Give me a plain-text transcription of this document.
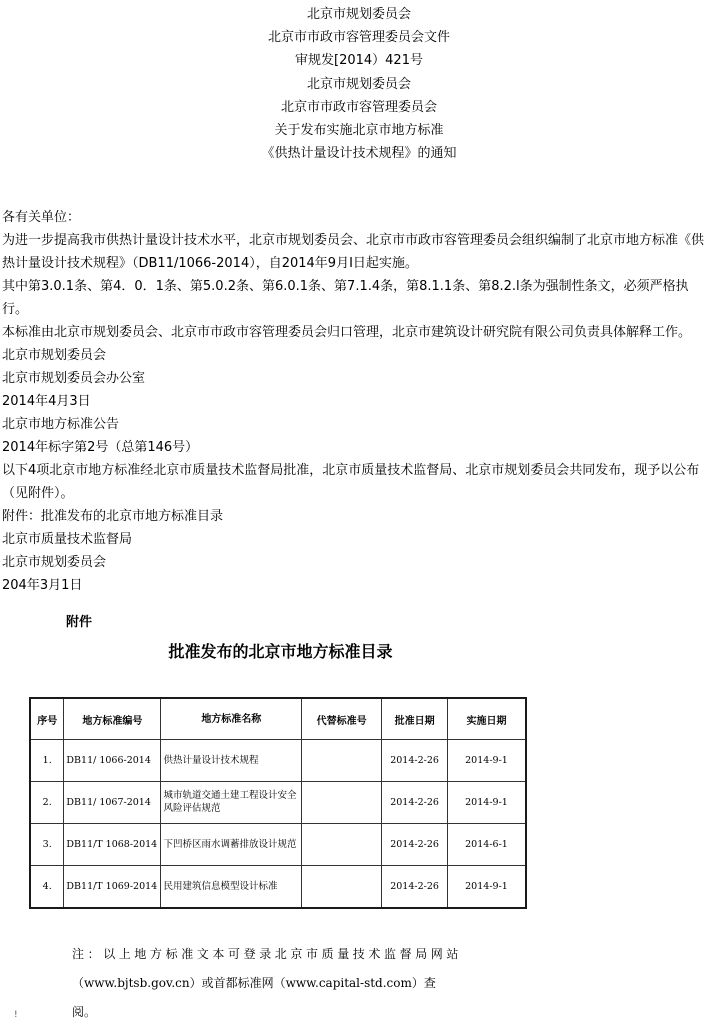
北京市规划委员会
北京市市政市容管理委员会文件
审规发[2014）421号
北京市规划委员会
北京市市政市容管理委员会
关于发布实施北京市地方标准
《供热计量设计技术规程》的通知
各有关单位：
为进一步提高我市供热计量设计技术水平，北京市规划委员会、北京市市政市容管理委员会组织编制了北京市地方标准《供热计量设计技术规程》（DB11/1066-2014），自2014年9月I日起实施。
其中第3.0.1条、第4．0．1条、第5.0.2条、第6.0.1条、第7.1.4条，第8.1.1条、第8.2.l条为强制性条文，必须严格执行。
本标准由北京市规划委员会、北京市市政市容管理委员会归口管理，北京市建筑设计研究院有限公司负责具体解释工作。
北京市规划委员会
北京市规划委员会办公室
2014年4月3日
北京市地方标准公告
2014年标字第2号（总第146号）
以下4项北京市地方标准经北京市质量技术监督局批准，北京市质量技术监督局、北京市规划委员会共同发布，现予以公布（见附件）。
附件：批准发布的北京市地方标准目录
北京市质量技术监督局
北京市规划委员会
204年3月1日
附件
批准发布的北京市地方标准目录
序号	地方标准编号	地方标准名称	代替标准号	批准日期	实施日期
1.	DB11/ 1066-2014	供热计量设计技术规程		2014-2-26	2014-9-1
2.	DB11/ 1067-2014	城市轨道交通土建工程设计安全风险评估规范		2014-2-26	2014-9-1
3.	DB11/T 1068-2014	下凹桥区雨水调蓄排放设计规范		2014-2-26	2014-6-1
4.	DB11/T 1069-2014	民用建筑信息模型设计标准		2014-2-26	2014-9-1
注：以上地方标准文本可登录北京市质量技术监督局网站
（www.bjtsb.gov.cn）或首都标准网（www.capital-std.com）查
阅。
!
